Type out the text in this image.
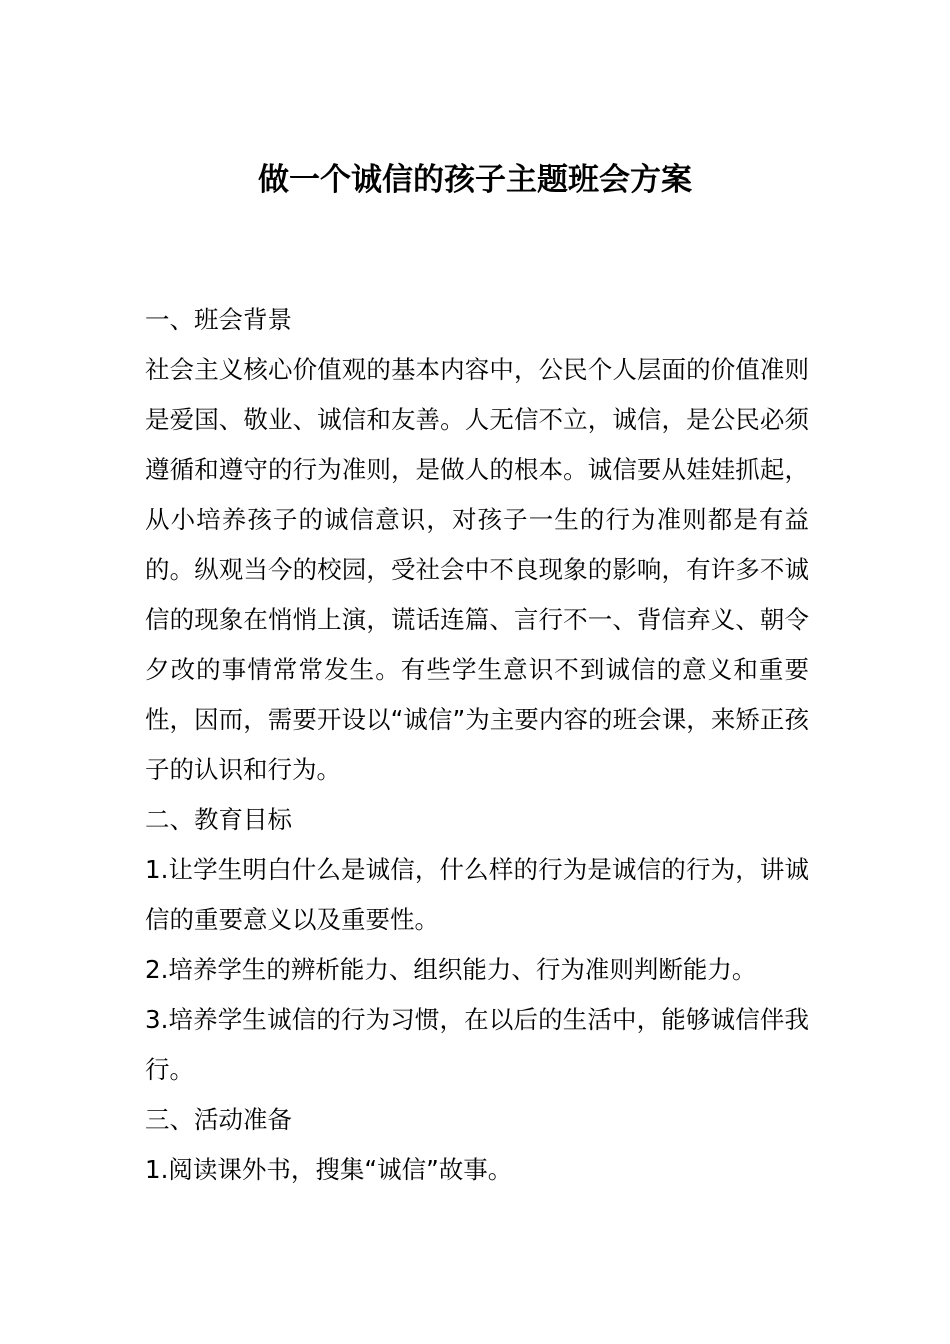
做一个诚信的孩子主题班会方案

一、班会背景

社会主义核心价值观的基本内容中，公民个人层面的价值准则是爱国、敬业、诚信和友善。人无信不立，诚信，是公民必须遵循和遵守的行为准则，是做人的根本。诚信要从娃娃抓起，从小培养孩子的诚信意识，对孩子一生的行为准则都是有益的。纵观当今的校园，受社会中不良现象的影响，有许多不诚信的现象在悄悄上演，谎话连篇、言行不一、背信弃义、朝令夕改的事情常常发生。有些学生意识不到诚信的意义和重要性，因而，需要开设以“诚信”为主要内容的班会课，来矫正孩子的认识和行为。

二、教育目标

1.让学生明白什么是诚信，什么样的行为是诚信的行为，讲诚信的重要意义以及重要性。

2.培养学生的辨析能力、组织能力、行为准则判断能力。

3.培养学生诚信的行为习惯，在以后的生活中，能够诚信伴我行。

三、活动准备

1.阅读课外书，搜集“诚信”故事。
